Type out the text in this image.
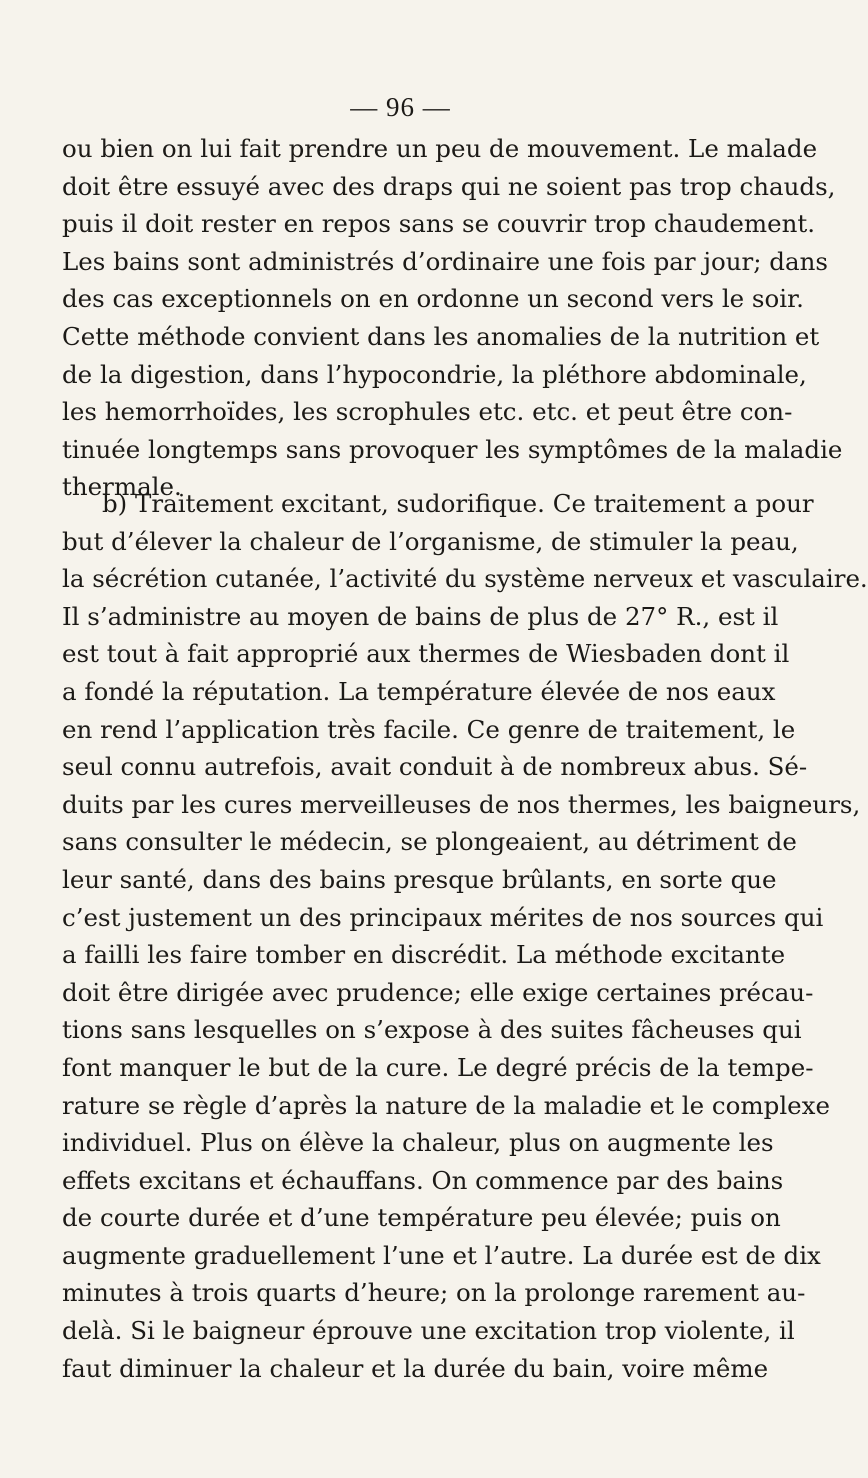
— 96 —
ou bien on lui fait prendre un peu de mouvement. Le malade
doit être essuyé avec des draps qui ne soient pas trop chauds,
puis il doit rester en repos sans se couvrir trop chaudement.
Les bains sont administrés d’ordinaire une fois par jour; dans
des cas exceptionnels on en ordonne un second vers le soir.
Cette méthode convient dans les anomalies de la nutrition et
de la digestion, dans l’hypocondrie, la pléthore abdominale,
les hemorrhoïdes, les scrophules etc. etc. et peut être con-
tinuée longtemps sans provoquer les symptômes de la maladie
thermale.
b) Traitement excitant, sudorifique. Ce traitement a pour
but d’élever la chaleur de l’organisme, de stimuler la peau,
la sécrétion cutanée, l’activité du système nerveux et vasculaire.
Il s’administre au moyen de bains de plus de 27° R., est il
est tout à fait approprié aux thermes de Wiesbaden dont il
a fondé la réputation. La température élevée de nos eaux
en rend l’application très facile. Ce genre de traitement, le
seul connu autrefois, avait conduit à de nombreux abus. Sé-
duits par les cures merveilleuses de nos thermes, les baigneurs,
sans consulter le médecin, se plongeaient, au détriment de
leur santé, dans des bains presque brûlants, en sorte que
c’est justement un des principaux mérites de nos sources qui
a failli les faire tomber en discrédit. La méthode excitante
doit être dirigée avec prudence; elle exige certaines précau-
tions sans lesquelles on s’expose à des suites fâcheuses qui
font manquer le but de la cure. Le degré précis de la tempe-
rature se règle d’après la nature de la maladie et le complexe
individuel. Plus on élève la chaleur, plus on augmente les
effets excitans et échauffans. On commence par des bains
de courte durée et d’une température peu élevée; puis on
augmente graduellement l’une et l’autre. La durée est de dix
minutes à trois quarts d’heure; on la prolonge rarement au-
delà. Si le baigneur éprouve une excitation trop violente, il
faut diminuer la chaleur et la durée du bain, voire même
